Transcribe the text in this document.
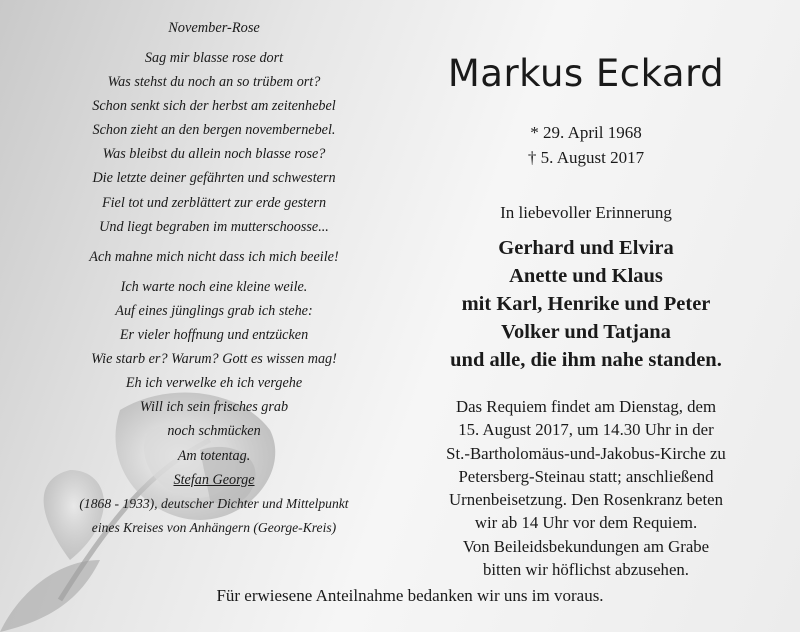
November-Rose
Sag mir blasse rose dort
Was stehst du noch an so trübem ort?
Schon senkt sich der herbst am zeitenhebel
Schon zieht an den bergen novembernebel.
Was bleibst du allein noch blasse rose?
Die letzte deiner gefährten und schwestern
Fiel tot und zerblättert zur erde gestern
Und liegt begraben im mutterschoosse...
Ach mahne mich nicht dass ich mich beeile!
Ich warte noch eine kleine weile.
Auf eines jünglings grab ich stehe:
Er vieler hoffnung und entzücken
Wie starb er? Warum? Gott es wissen mag!
Eh ich verwelke eh ich vergehe
Will ich sein frisches grab
noch schmücken
Am totentag.
Stefan George
(1868 - 1933), deutscher Dichter und Mittelpunkt
eines Kreises von Anhängern (George-Kreis)
Markus Eckard
* 29. April 1968
† 5. August 2017
In liebevoller Erinnerung
Gerhard und Elvira
Anette und Klaus
mit Karl, Henrike und Peter
Volker und Tatjana
und alle, die ihm nahe standen.
Das Requiem findet am Dienstag, dem
15. August 2017, um 14.30 Uhr in der
St.-Bartholomäus-und-Jakobus-Kirche zu
Petersberg-Steinau statt; anschließend
Urnenbeisetzung. Den Rosenkranz beten
wir ab 14 Uhr vor dem Requiem.
Von Beileidsbekundungen am Grabe
bitten wir höflichst abzusehen.
Für erwiesene Anteilnahme bedanken wir uns im voraus.
